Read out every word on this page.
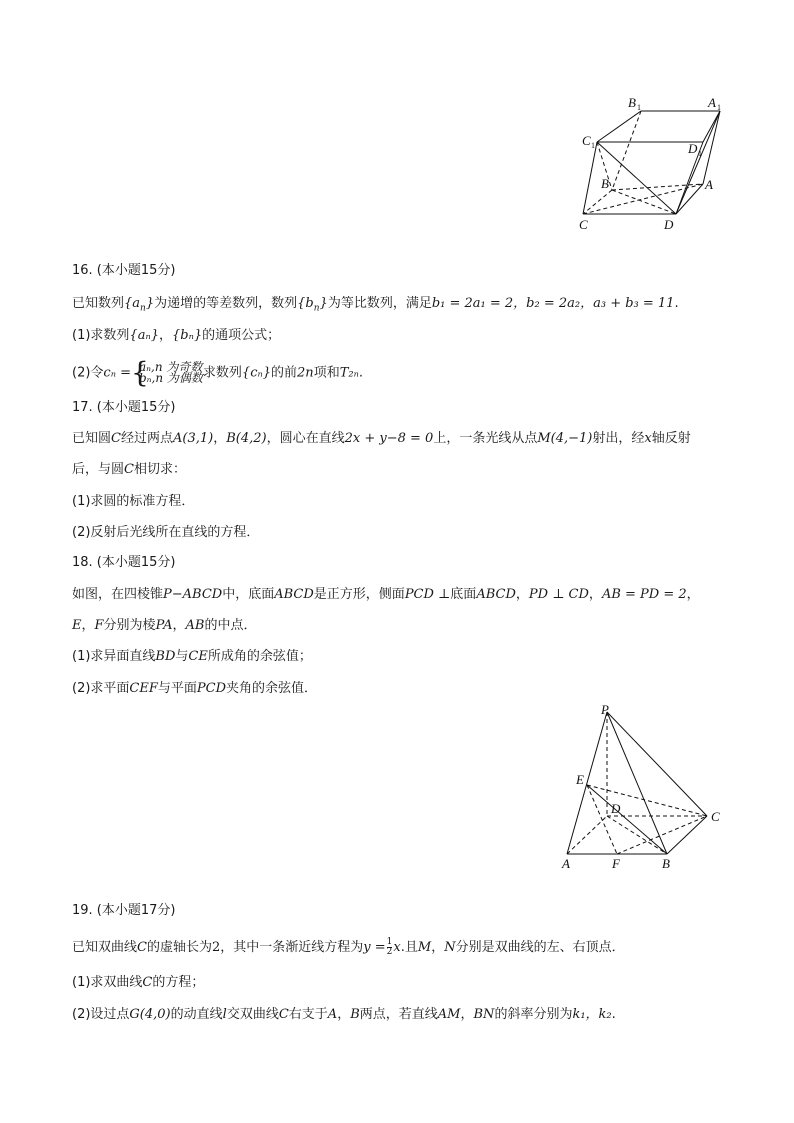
B 1	A 1
C 1	D 1
B	A
C	D
16. (本小题15分)
已知数列$\{a_n\}$为递增的等差数列，数列$\{b_n\}$为等比数列，满足b₁ = 2a₁ = 2，b₂ = 2a₂，a₃ + b₃ = 11.
(1)求数列{aₙ}，{bₙ}的通项公式；
(2)令cₙ = {
aₙ,n 为奇数
bₙ,n 为偶数 求数列{cₙ}的前2n项和T₂ₙ.
17. (本小题15分)
已知圆C经过两点A(3,1)，B(4,2)，圆心在直线2x + y−8 = 0上，一条光线从点M(4,−1)射出，经x轴反射
后，与圆C相切求：
(1)求圆的标准方程．
(2)反射后光线所在直线的方程．
18. (本小题15分)
如图，在四棱锥P−ABCD中，底面ABCD是正方形，侧面PCD ⊥底面ABCD，PD ⊥ CD，AB = PD = 2，
E，F分别为棱PA，AB的中点．
(1)求异面直线BD与CE所成角的余弦值；
(2)求平面CEF与平面PCD夹角的余弦值．
P
E
D
C
A	F	B
19. (本小题17分)
已知双曲线C的虚轴长为2，其中一条渐近线方程为$y = \frac{1}{2} x$.且M，N分别是双曲线的左、右顶点．
(1)求双曲线C的方程；
(2)设过点G(4,0)的动直线l交双曲线C右支于A，B两点，若直线AM，BN的斜率分别为k₁，k₂.
